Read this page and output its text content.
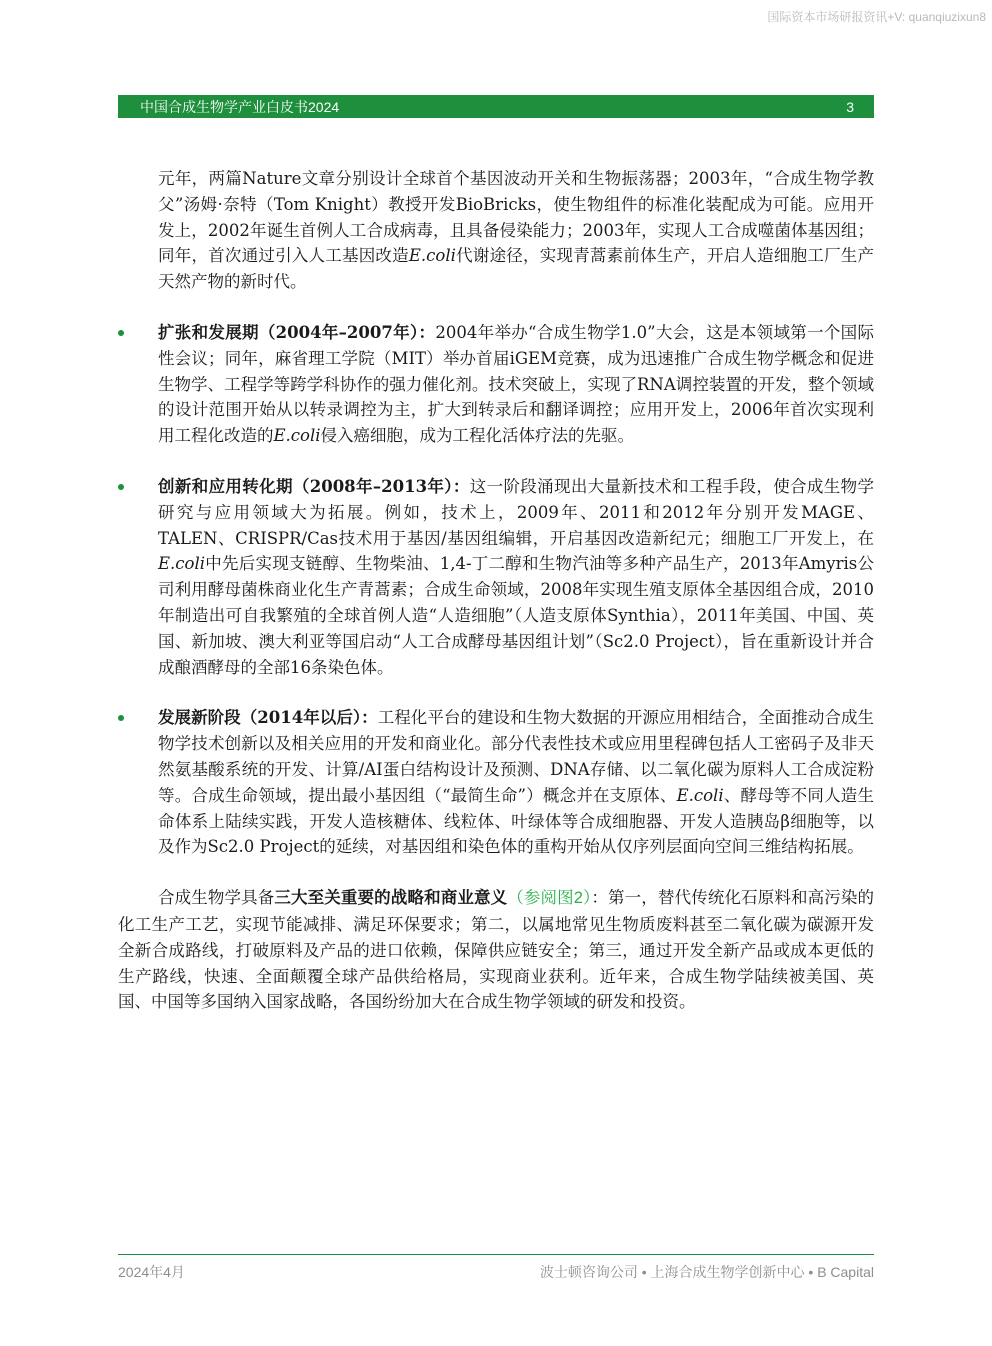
国际资本市场研报资讯+V: quanqiuzixun8
中国合成生物学产业白皮书2024	3

元年，两篇Nature文章分别设计全球首个基因波动开关和生物振荡器；2003年，“合成生物学教父”汤姆·奈特（Tom Knight）教授开发BioBricks，使生物组件的标准化装配成为可能。应用开发上，2002年诞生首例人工合成病毒，且具备侵染能力；2003年，实现人工合成噬菌体基因组；同年，首次通过引入人工基因改造E.coli代谢途径，实现青蒿素前体生产，开启人造细胞工厂生产天然产物的新时代。

扩张和发展期（2004年–2007年）：2004年举办“合成生物学1.0”大会，这是本领域第一个国际性会议；同年，麻省理工学院（MIT）举办首届iGEM竞赛，成为迅速推广合成生物学概念和促进生物学、工程学等跨学科协作的强力催化剂。技术突破上，实现了RNA调控装置的开发，整个领域的设计范围开始从以转录调控为主，扩大到转录后和翻译调控；应用开发上，2006年首次实现利用工程化改造的E.coli侵入癌细胞，成为工程化活体疗法的先驱。

创新和应用转化期（2008年–2013年）：这一阶段涌现出大量新技术和工程手段，使合成生物学研究与应用领域大为拓展。例如，技术上，2009年、2011和2012年分别开发MAGE、TALEN、CRISPR/Cas技术用于基因/基因组编辑，开启基因改造新纪元；细胞工厂开发上，在E.coli中先后实现支链醇、生物柴油、1,4-丁二醇和生物汽油等多种产品生产，2013年Amyris公司利用酵母菌株商业化生产青蒿素；合成生命领域，2008年实现生殖支原体全基因组合成，2010年制造出可自我繁殖的全球首例人造“人造细胞”（人造支原体Synthia），2011年美国、中国、英国、新加坡、澳大利亚等国启动“人工合成酵母基因组计划”（Sc2.0 Project），旨在重新设计并合成酿酒酵母的全部16条染色体。

发展新阶段（2014年以后）：工程化平台的建设和生物大数据的开源应用相结合，全面推动合成生物学技术创新以及相关应用的开发和商业化。部分代表性技术或应用里程碑包括人工密码子及非天然氨基酸系统的开发、计算/AI蛋白结构设计及预测、DNA存储、以二氧化碳为原料人工合成淀粉等。合成生命领域，提出最小基因组（“最简生命”）概念并在支原体、E.coli、酵母等不同人造生命体系上陆续实践，开发人造核糖体、线粒体、叶绿体等合成细胞器、开发人造胰岛β细胞等，以及作为Sc2.0 Project的延续，对基因组和染色体的重构开始从仅序列层面向空间三维结构拓展。

合成生物学具备三大至关重要的战略和商业意义（参阅图2）：第一，替代传统化石原料和高污染的化工生产工艺，实现节能减排、满足环保要求；第二，以属地常见生物质废料甚至二氧化碳为碳源开发全新合成路线，打破原料及产品的进口依赖，保障供应链安全；第三，通过开发全新产品或成本更低的生产路线，快速、全面颠覆全球产品供给格局，实现商业获利。近年来，合成生物学陆续被美国、英国、中国等多国纳入国家战略，各国纷纷加大在合成生物学领域的研发和投资。

2024年4月	波士顿咨询公司 • 上海合成生物学创新中心 • B Capital
